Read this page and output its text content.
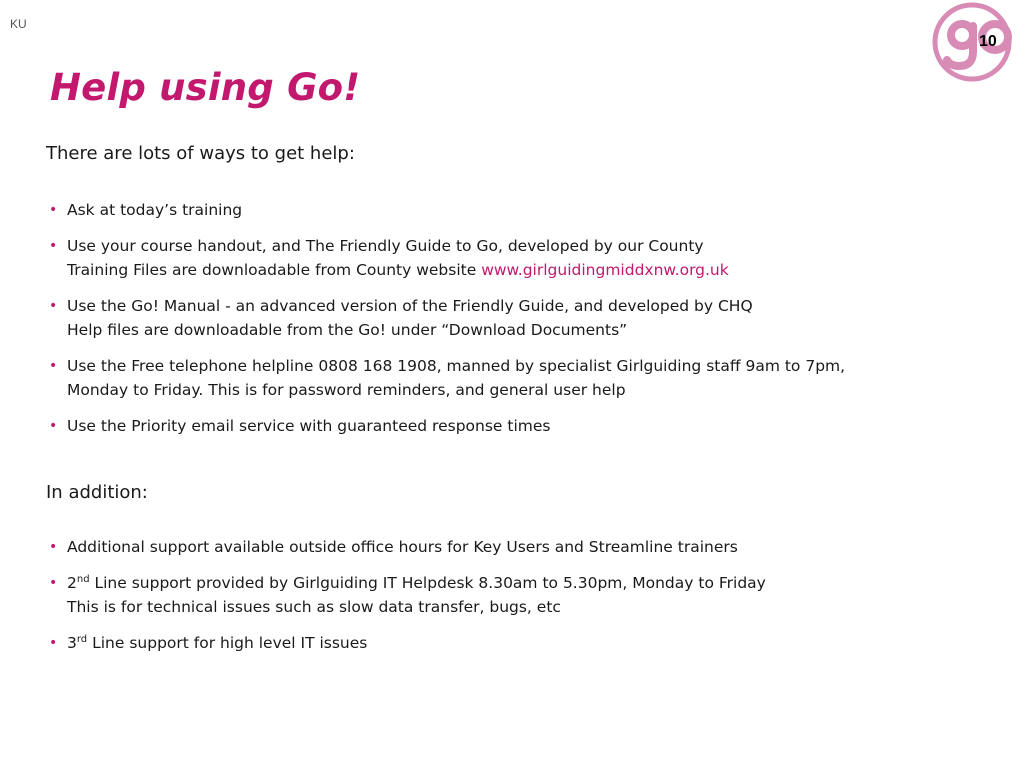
KU
10
Help using Go!
There are lots of ways to get help:
• Ask at today’s training
• Use your course handout, and The Friendly Guide to Go, developed by our County
Training Files are downloadable from County website www.girlguidingmiddxnw.org.uk
• Use the Go! Manual - an advanced version of the Friendly Guide, and developed by CHQ
Help files are downloadable from the Go! under “Download Documents”
• Use the Free telephone helpline 0808 168 1908, manned by specialist Girlguiding staff 9am to 7pm,
Monday to Friday. This is for password reminders, and general user help
• Use the Priority email service with guaranteed response times
In addition:
• Additional support available outside office hours for Key Users and Streamline trainers
• 2nd Line support provided by Girlguiding IT Helpdesk 8.30am to 5.30pm, Monday to Friday
This is for technical issues such as slow data transfer, bugs, etc
• 3rd Line support for high level IT issues
